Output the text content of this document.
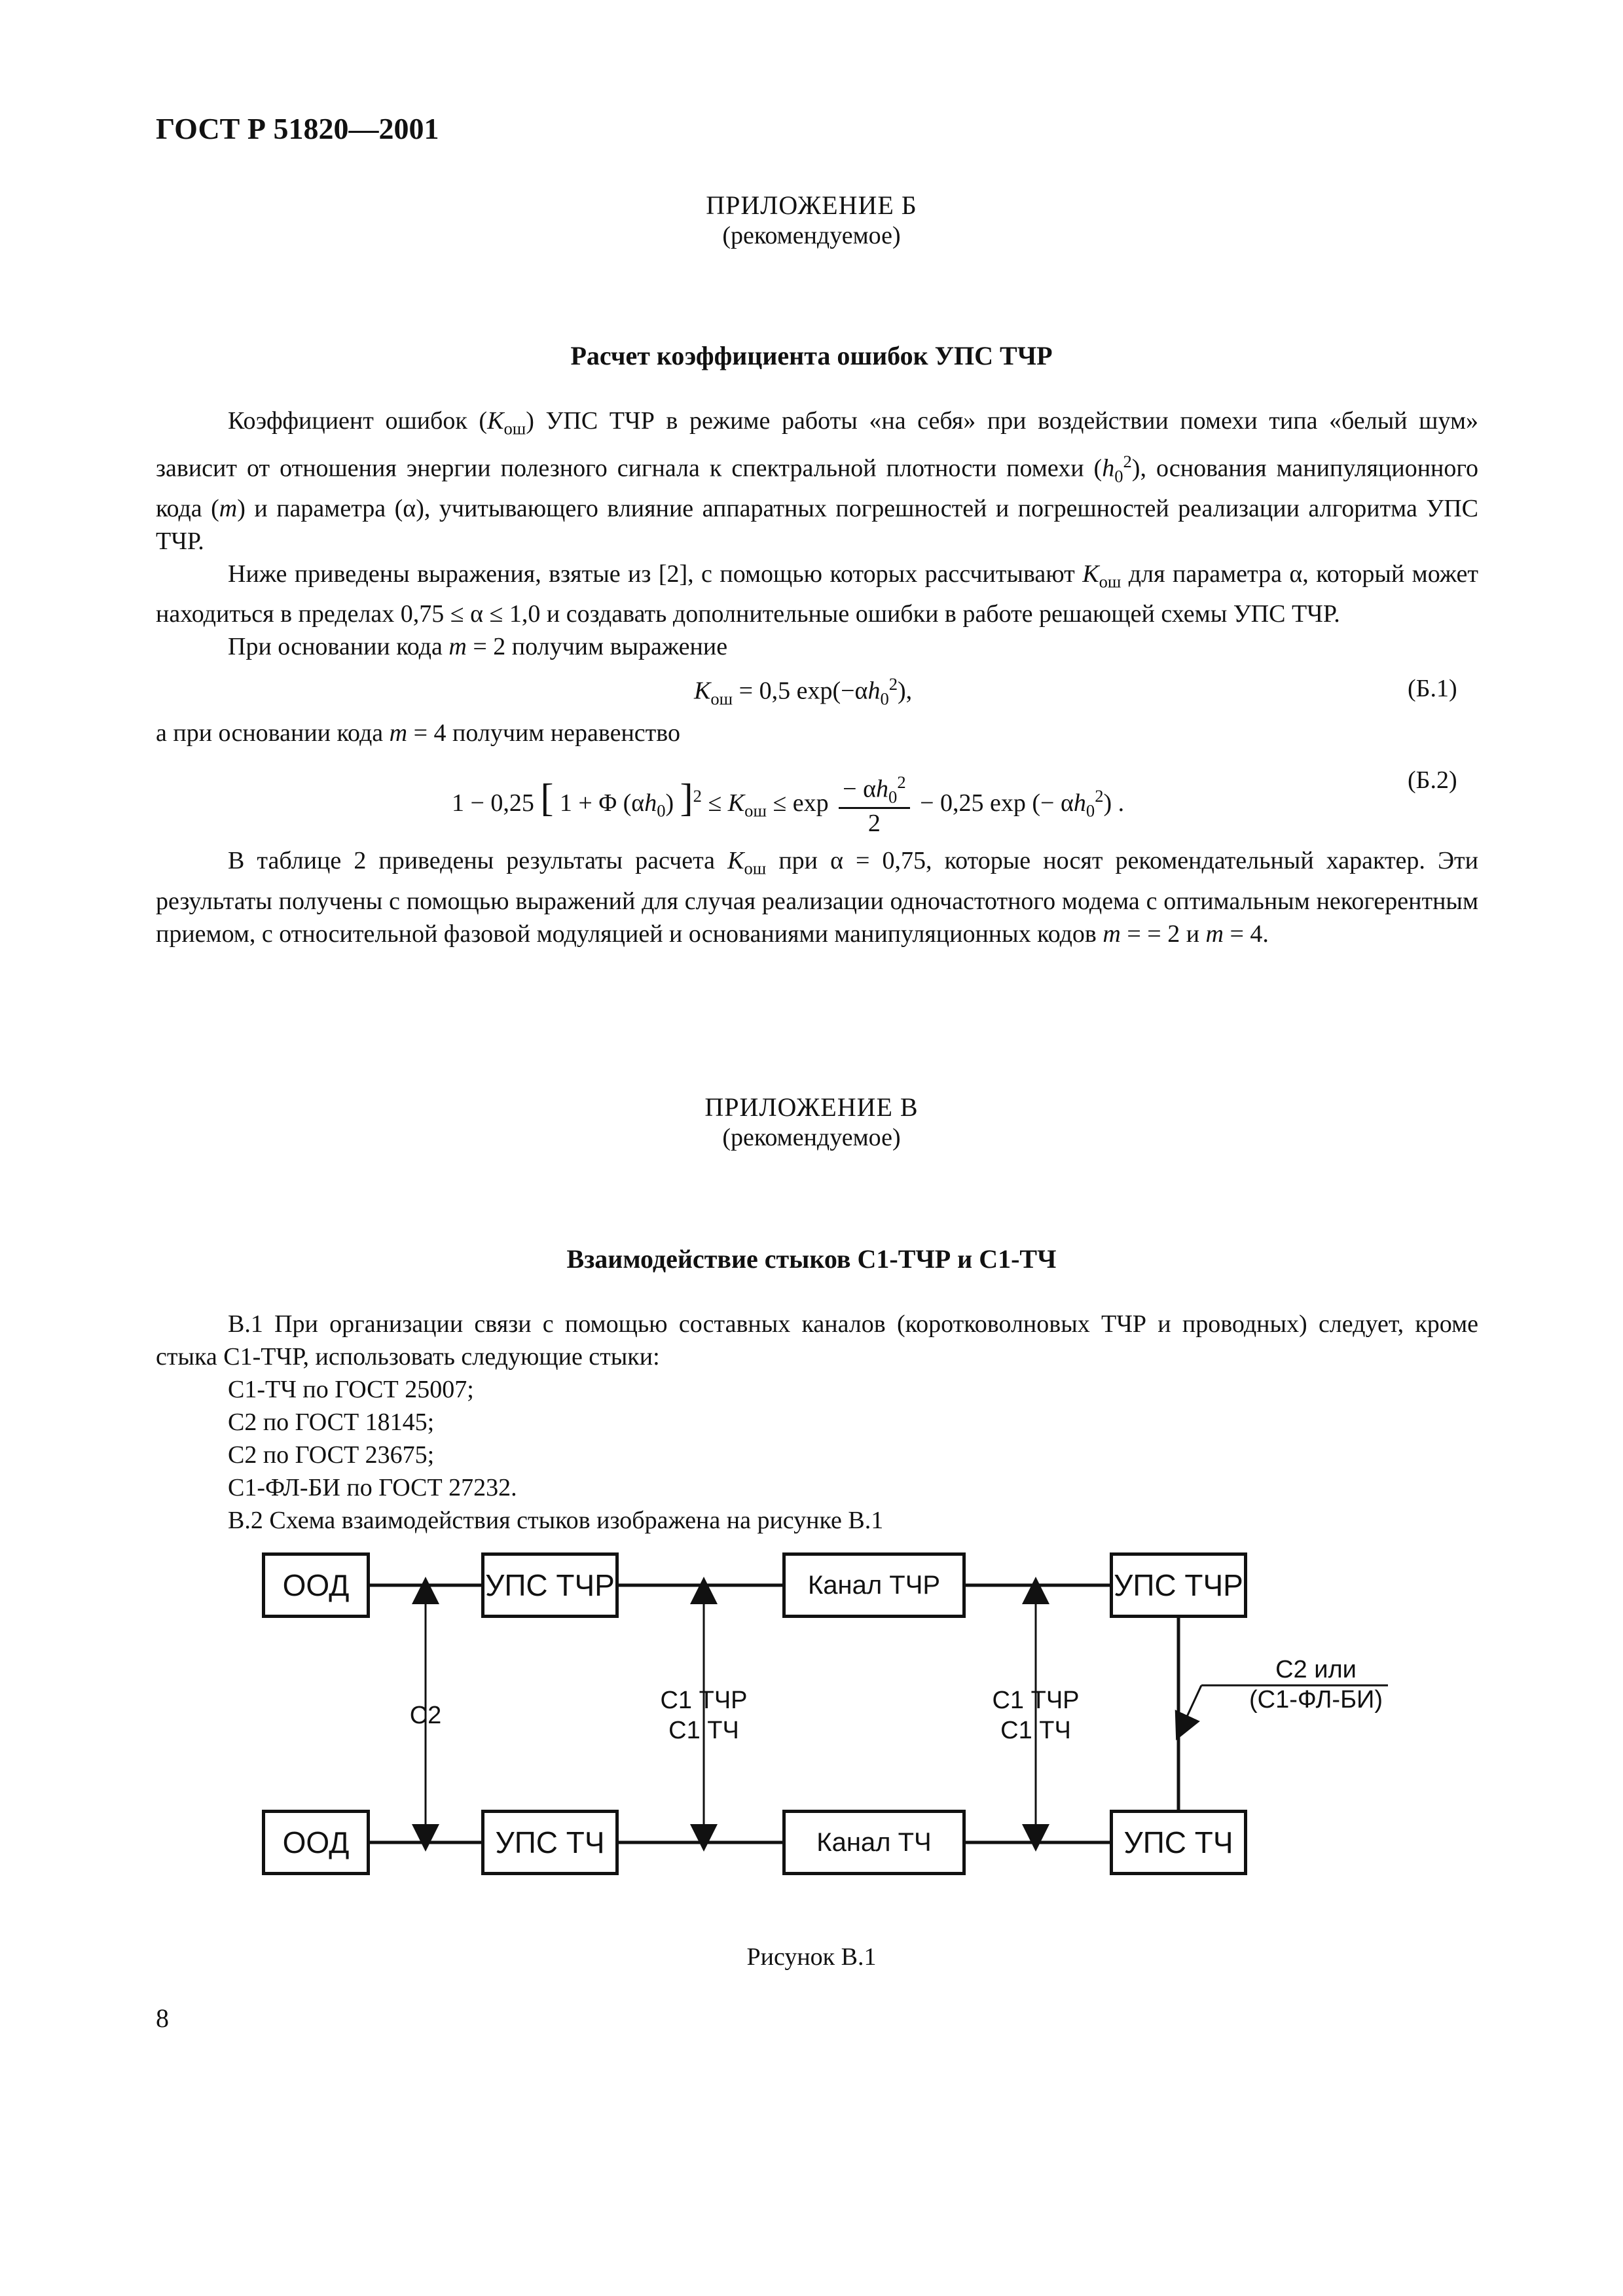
ГОСТ Р 51820—2001
ПРИЛОЖЕНИЕ Б
(рекомендуемое)
Расчет коэффициента ошибок УПС ТЧР

Коэффициент ошибок $(K_{ош})$ УПС ТЧР в режиме работы «на себя» при воздействии помехи типа «белый шум» зависит от отношения энергии полезного сигнала к спектральной плотности помехи $(h_0^2)$, основания манипуляционного кода (m) и параметра (α), учитывающего влияние аппаратных погрешностей и погрешностей реализации алгоритма УПС ТЧР.

Ниже приведены выражения, взятые из [2], с помощью которых рассчитывают $K_{ош}$ для параметра α, который может находиться в пределах 0,75 ≤ α ≤ 1,0 и создавать дополнительные ошибки в работе решающей схемы УПС ТЧР.

При основании кода m = 2 получим выражение

$K_{ош} = 0,5$ $\exp(-\alpha h_0^2)$,	(Б.1)
а при основании кода m = 4 получим неравенство
1 − 0,25 [ 1 + Φ $(\alpha h_0) ]^2 \le K_{ош} \le \exp \frac{- \alpha h_0^2}{2} - 0,25$ exp (− $\alpha h_0^2$) .
(Б.2)

В таблице 2 приведены результаты расчета $K_{ош}$ при α = 0,75, которые носят рекомендательный характер. Эти результаты получены с помощью выражений для случая реализации одночастотного модема с оптимальным некогерентным приемом, с относительной фазовой модуляцией и основаниями манипуляционных кодов m = = 2 и m = 4.

ПРИЛОЖЕНИЕ В
(рекомендуемое)
Взаимодействие стыков С1-ТЧР и С1-ТЧ

В.1 При организации связи с помощью составных каналов (коротковолновых ТЧР и проводных) следует, кроме стыка С1-ТЧР, использовать следующие стыки:

С1-ТЧ по ГОСТ 25007;
С2 по ГОСТ 18145;
С2 по ГОСТ 23675;
С1-ФЛ-БИ по ГОСТ 27232.
В.2 Схема взаимодействия стыков изображена на рисунке В.1
ООД	УПС ТЧР	Канал ТЧР	УПС ТЧР
ООД	УПС ТЧ	Канал ТЧ	УПС ТЧ
С2
С1 ТЧР
С1 ТЧ
С1 ТЧР
С1 ТЧ
С2 или
(С1-ФЛ-БИ)
Рисунок В.1
8
